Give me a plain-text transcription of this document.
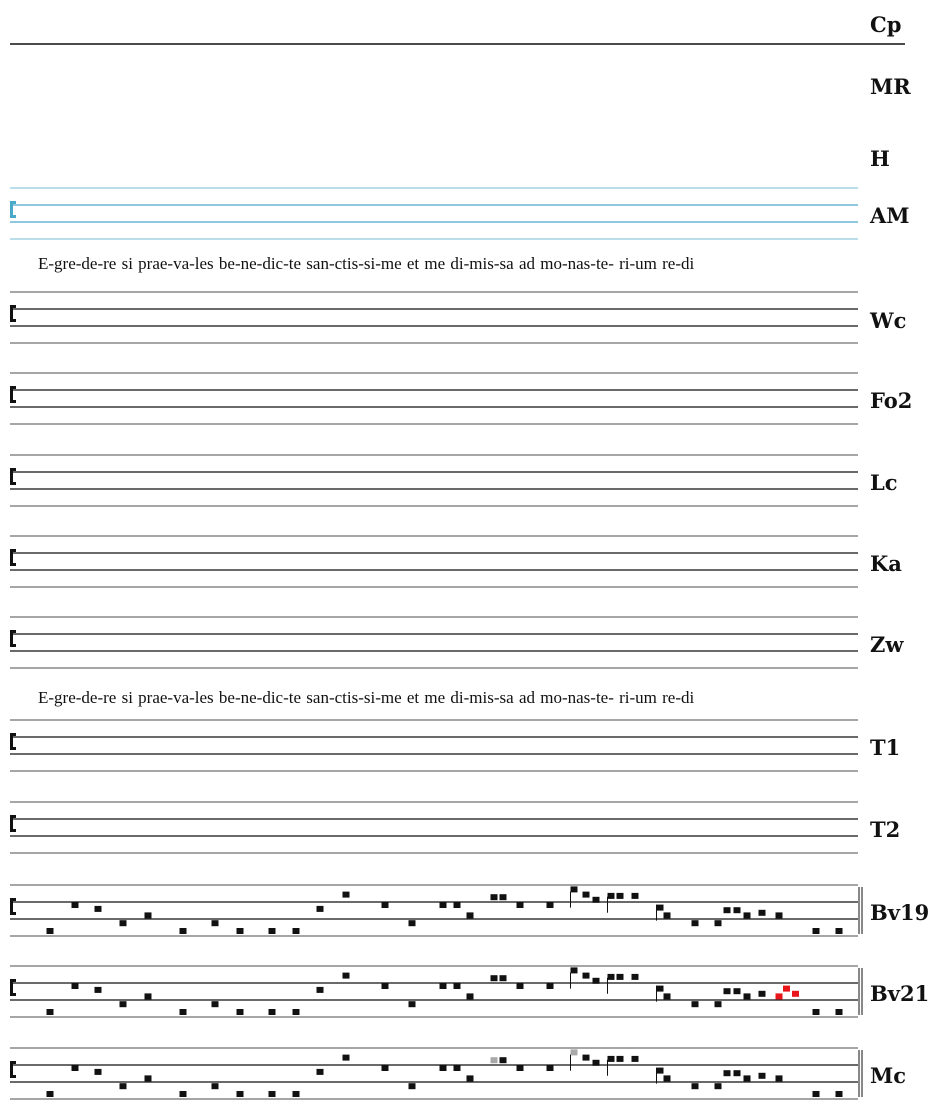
Cp
MR
H
AM
Wc
Fo2
Lc
Ka
Zw
T1
T2
Bv19
Bv21
Mc
E-gre-de-re si prae-va-les be-ne-dic-te san-ctis-si-me et me di-mis-sa ad mo-nas-te- ri-um re-di
E-gre-de-re si prae-va-les be-ne-dic-te san-ctis-si-me et me di-mis-sa ad mo-nas-te- ri-um re-di
